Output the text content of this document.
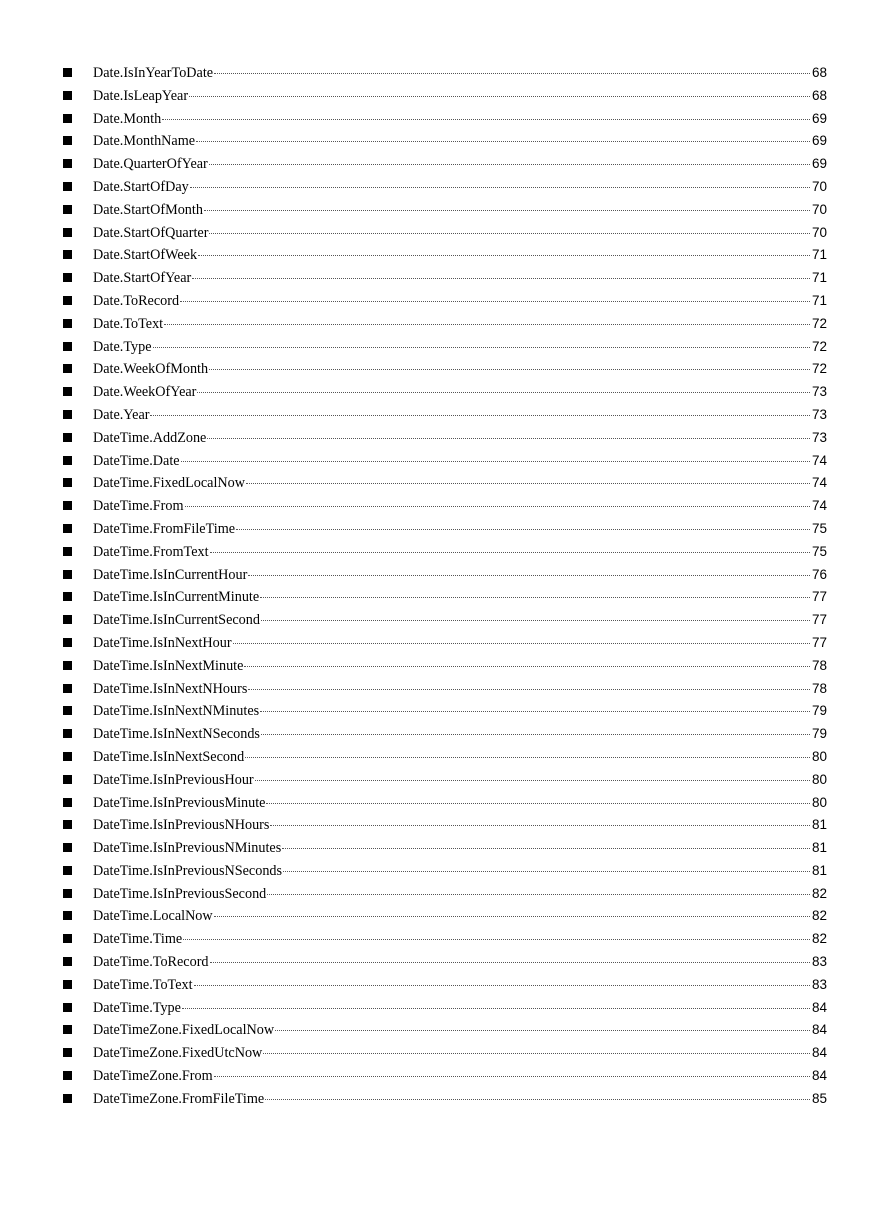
Date.IsInYearToDate	68
Date.IsLeapYear	68
Date.Month	69
Date.MonthName	69
Date.QuarterOfYear	69
Date.StartOfDay	70
Date.StartOfMonth	70
Date.StartOfQuarter	70
Date.StartOfWeek	71
Date.StartOfYear	71
Date.ToRecord	71
Date.ToText	72
Date.Type	72
Date.WeekOfMonth	72
Date.WeekOfYear	73
Date.Year	73
DateTime.AddZone	73
DateTime.Date	74
DateTime.FixedLocalNow	74
DateTime.From	74
DateTime.FromFileTime	75
DateTime.FromText	75
DateTime.IsInCurrentHour	76
DateTime.IsInCurrentMinute	77
DateTime.IsInCurrentSecond	77
DateTime.IsInNextHour	77
DateTime.IsInNextMinute	78
DateTime.IsInNextNHours	78
DateTime.IsInNextNMinutes	79
DateTime.IsInNextNSeconds	79
DateTime.IsInNextSecond	80
DateTime.IsInPreviousHour	80
DateTime.IsInPreviousMinute	80
DateTime.IsInPreviousNHours	81
DateTime.IsInPreviousNMinutes	81
DateTime.IsInPreviousNSeconds	81
DateTime.IsInPreviousSecond	82
DateTime.LocalNow	82
DateTime.Time	82
DateTime.ToRecord	83
DateTime.ToText	83
DateTime.Type	84
DateTimeZone.FixedLocalNow	84
DateTimeZone.FixedUtcNow	84
DateTimeZone.From	84
DateTimeZone.FromFileTime	85
